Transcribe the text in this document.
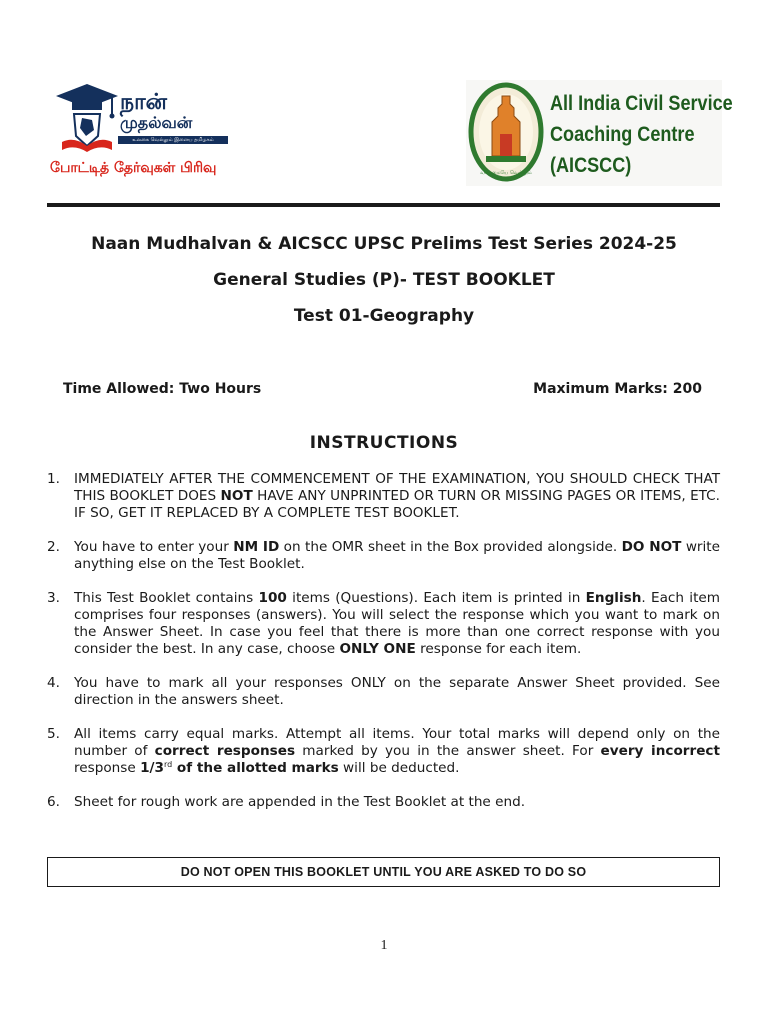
நான்
முதல்வன்
உலகை வெல்லும் இளைய தமிழகம்
போட்டித் தேர்வுகள் பிரிவு	வாய்மையே வெல்லும்
All India Civil Service
Coaching Centre
(AICSCC)
Naan Mudhalvan & AICSCC UPSC Prelims Test Series 2024-25
General Studies (P)- TEST BOOKLET
Test 01-Geography
Time Allowed: Two Hours	Maximum Marks: 200
INSTRUCTIONS
1. IMMEDIATELY AFTER THE COMMENCEMENT OF THE EXAMINATION, YOU SHOULD CHECK THAT THIS BOOKLET DOES NOT HAVE ANY UNPRINTED OR TURN OR MISSING PAGES OR ITEMS, ETC. IF SO, GET IT REPLACED BY A COMPLETE TEST BOOKLET.
2. You have to enter your NM ID on the OMR sheet in the Box provided alongside. DO NOT write anything else on the Test Booklet.
3. This Test Booklet contains 100 items (Questions). Each item is printed in English. Each item comprises four responses (answers). You will select the response which you want to mark on the Answer Sheet. In case you feel that there is more than one correct response with you consider the best. In any case, choose ONLY ONE response for each item.
4. You have to mark all your responses ONLY on the separate Answer Sheet provided. See direction in the answers sheet.
5. All items carry equal marks. Attempt all items. Your total marks will depend only on the number of correct responses marked by you in the answer sheet. For every incorrect response 1/3rd of the allotted marks will be deducted.
6. Sheet for rough work are appended in the Test Booklet at the end.
DO NOT OPEN THIS BOOKLET UNTIL YOU ARE ASKED TO DO SO
1
